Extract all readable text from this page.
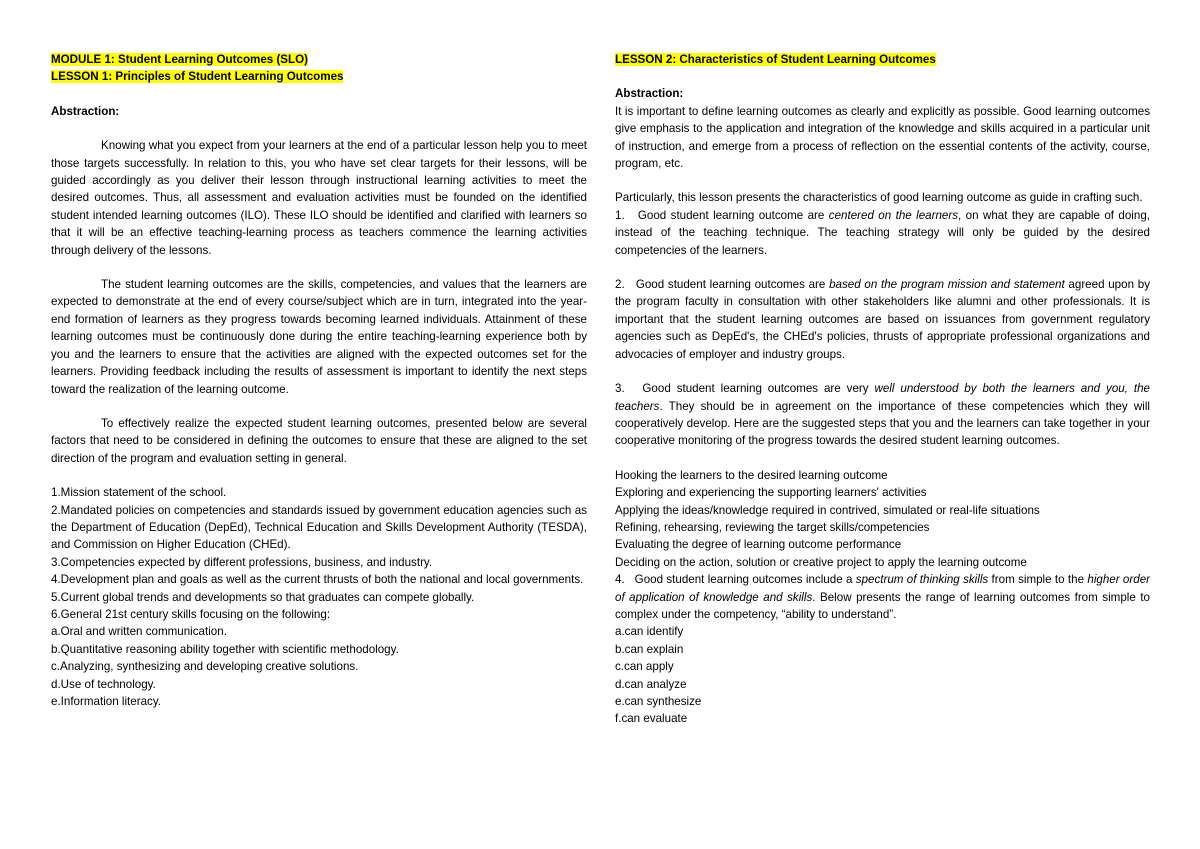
MODULE 1: Student Learning Outcomes (SLO)

LESSON 1: Principles of Student Learning Outcomes

Abstraction:

Knowing what you expect from your learners at the end of a particular lesson help you to meet those targets successfully. In relation to this, you who have set clear targets for their lessons, will be guided accordingly as you deliver their lesson through instructional learning activities to meet the desired outcomes. Thus, all assessment and evaluation activities must be founded on the identified student intended learning outcomes (ILO). These ILO should be identified and clarified with learners so that it will be an effective teaching-learning process as teachers commence the learning activities through delivery of the lessons.

The student learning outcomes are the skills, competencies, and values that the learners are expected to demonstrate at the end of every course/subject which are in turn, integrated into the year-end formation of learners as they progress towards becoming learned individuals. Attainment of these learning outcomes must be continuously done during the entire teaching-learning experience both by you and the learners to ensure that the activities are aligned with the expected outcomes set for the learners. Providing feedback including the results of assessment is important to identify the next steps toward the realization of the learning outcome.

To effectively realize the expected student learning outcomes, presented below are several factors that need to be considered in defining the outcomes to ensure that these are aligned to the set direction of the program and evaluation setting in general.

1.Mission statement of the school.

2.Mandated policies on competencies and standards issued by government education agencies such as the Department of Education (DepEd), Technical Education and Skills Development Authority (TESDA), and Commission on Higher Education (CHEd).

3.Competencies expected by different professions, business, and industry.

4.Development plan and goals as well as the current thrusts of both the national and local governments.

5.Current global trends and developments so that graduates can compete globally.

6.General 21st century skills focusing on the following:

a.Oral and written communication.

b.Quantitative reasoning ability together with scientific methodology.

c.Analyzing, synthesizing and developing creative solutions.

d.Use of technology.

e.Information literacy.

LESSON 2: Characteristics of Student Learning Outcomes

Abstraction:

It is important to define learning outcomes as clearly and explicitly as possible. Good learning outcomes give emphasis to the application and integration of the knowledge and skills acquired in a particular unit of instruction, and emerge from a process of reflection on the essential contents of the activity, course, program, etc.

Particularly, this lesson presents the characteristics of good learning outcome as guide in crafting such.

1.   Good student learning outcome are centered on the learners, on what they are capable of doing, instead of the teaching technique. The teaching strategy will only be guided by the desired competencies of the learners.

2.   Good student learning outcomes are based on the program mission and statement agreed upon by the program faculty in consultation with other stakeholders like alumni and other professionals. It is important that the student learning outcomes are based on issuances from government regulatory agencies such as DepEd's, the CHEd's policies, thrusts of appropriate professional organizations and advocacies of employer and industry groups.

3.   Good student learning outcomes are very well understood by both the learners and you, the teachers. They should be in agreement on the importance of these competencies which they will cooperatively develop. Here are the suggested steps that you and the learners can take together in your cooperative monitoring of the progress towards the desired student learning outcomes.

Hooking the learners to the desired learning outcome

Exploring and experiencing the supporting learners' activities

Applying the ideas/knowledge required in contrived, simulated or real-life situations

Refining, rehearsing, reviewing the target skills/competencies

Evaluating the degree of learning outcome performance

Deciding on the action, solution or creative project to apply the learning outcome

4.   Good student learning outcomes include a spectrum of thinking skills from simple to the higher order of application of knowledge and skills. Below presents the range of learning outcomes from simple to complex under the competency, “ability to understand”.

a.can identify

b.can explain

c.can apply

d.can analyze

e.can synthesize

f.can evaluate
